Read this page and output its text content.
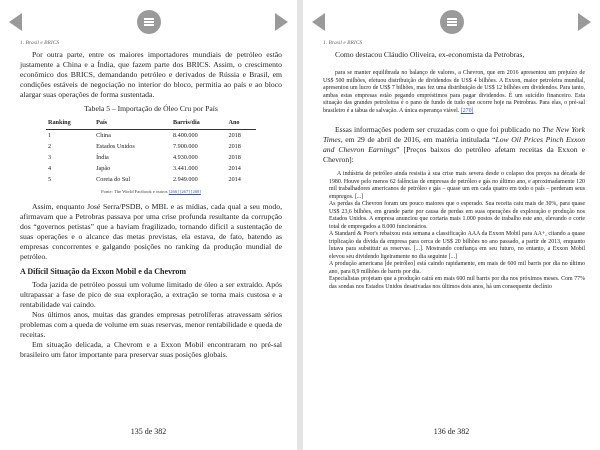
1. Brasil e BRICS

Por outra parte, entre os maiores importadores mundiais de petróleo estão justamente a China e a Índia, que fazem parte dos BRICS. Assim, o crescimento econômico dos BRICS, demandando petróleo e derivados de Rússia e Brasil, em condições estáveis de negociação no interior do bloco, permitia ao país e ao bloco alargar suas operações de forma sustentada.

Tabela 5 – Importação de Óleo Cru por País
Ranking	País	Barris/dia	Ano
1	China	8.400.000	2018
2	Estados Unidos	7.900.000	2018
3	Índia	4.930.000	2018
4	Japão	3.441.000	2014
5	Coreia do Sul	2.949.000	2014
Fonte: The World Factbook e outros [266] [267] [268]

Assim, enquanto José Serra/PSDB, o MBL e as mídias, cada qual a seu modo, afirmavam que a Petrobras passava por uma crise profunda resultante da corrupção dos “governos petistas” que a haviam fragilizado, tornando difícil a sustentação de suas operações e o alcance das metas previstas, ela estava, de fato, batendo as empresas concorrentes e galgando posições no ranking da produção mundial de petróleo.

A Difícil Situação da Exxon Mobil e da Chevrom

Toda jazida de petróleo possui um volume limitado de óleo a ser extraído. Após ultrapassar a fase de pico de sua exploração, a extração se torna mais custosa e a rentabilidade vai caindo.

Nos últimos anos, muitas das grandes empresas petrolíferas atravessam sérios problemas com a queda de volume em suas reservas, menor rentabilidade e queda de receitas.

Em situação delicada, a Chevrom e a Exxon Mobil encontraram no pré-sal brasileiro um fator importante para preservar suas posições globais.

135 de 382
1. Brasil e BRICS

Como destacou Cláudio Oliveira, ex-economista da Petrobras,

para se manter equilibrada no balanço de valores, a Chevron, que em 2016 apresentou um prejuízo de US$ 500 milhões, efetuou distribuição de dividendos de US$ 4 bilhões. A Exxon, maior petroleira mundial, apresentou um lucro de US$ 7 bilhões, mas fez uma distribuição de US$ 12 bilhões em dividendos. Para tanto, ambas estas empresas estão pegando empréstimos para pagar dividendos. É um suicídio financeiro. Esta situação das grandes petroleiras é o pano de fundo de tudo que ocorre hoje na Petrobras. Para elas, o pré-sal brasileiro é a tábua de salvação. A única esperança viável. [270]

Essas informações podem ser cruzadas com o que foi publicado no The New York Times, em 29 de abril de 2016, em matéria intitulada “Low Oil Prices Pinch Exxon and Chevron Earnings” [Preços baixos do petróleo afetam receitas da Exxon e Chevron]:

A indústria de petróleo ainda resistia à sua crise mais severa desde o colapso dos preços na década de 1980. Houve pelo menos 62 falências de empresas de petróleo e gás no último ano, e aproximadamente 120 mil trabalhadores americanos de petróleo e gás – quase um em cada quatro em todo o país – perderam seus empregos. [...]

As perdas da Chevron foram um pouco maiores que o esperado. Sua receita caiu mais de 30%, para quase US$ 23,6 bilhões, em grande parte por causa de perdas em suas operações de exploração e produção nos Estados Unidos. A empresa anunciou que cortaria mais 1.000 postos de trabalho este ano, elevando o corte total de empregados a 8.000 funcionários.

A Standard & Poor's rebaixou esta semana a classificação AAA da Exxon Mobil para AA+, citando a quase triplicação da dívida da empresa para cerca de US$ 20 bilhões no ano passado, a partir de 2013, enquanto lutava para substituir as reservas. [...]. Mostrando confiança em seu futuro, no entanto, a Exxon Mobil elevou seu dividendo ligeiramente no dia seguinte [...]

A produção americana [de petróleo] está caindo rapidamente, em mais de 600 mil barris por dia no último ano, para 8,9 milhões de barris por dia.

Especialistas projetam que a produção cairá em mais 600 mil barris por dia nos próximos meses. Com 77% das sondas nos Estados Unidos desativadas nos últimos dois anos, há um consequente declínio

136 de 382
